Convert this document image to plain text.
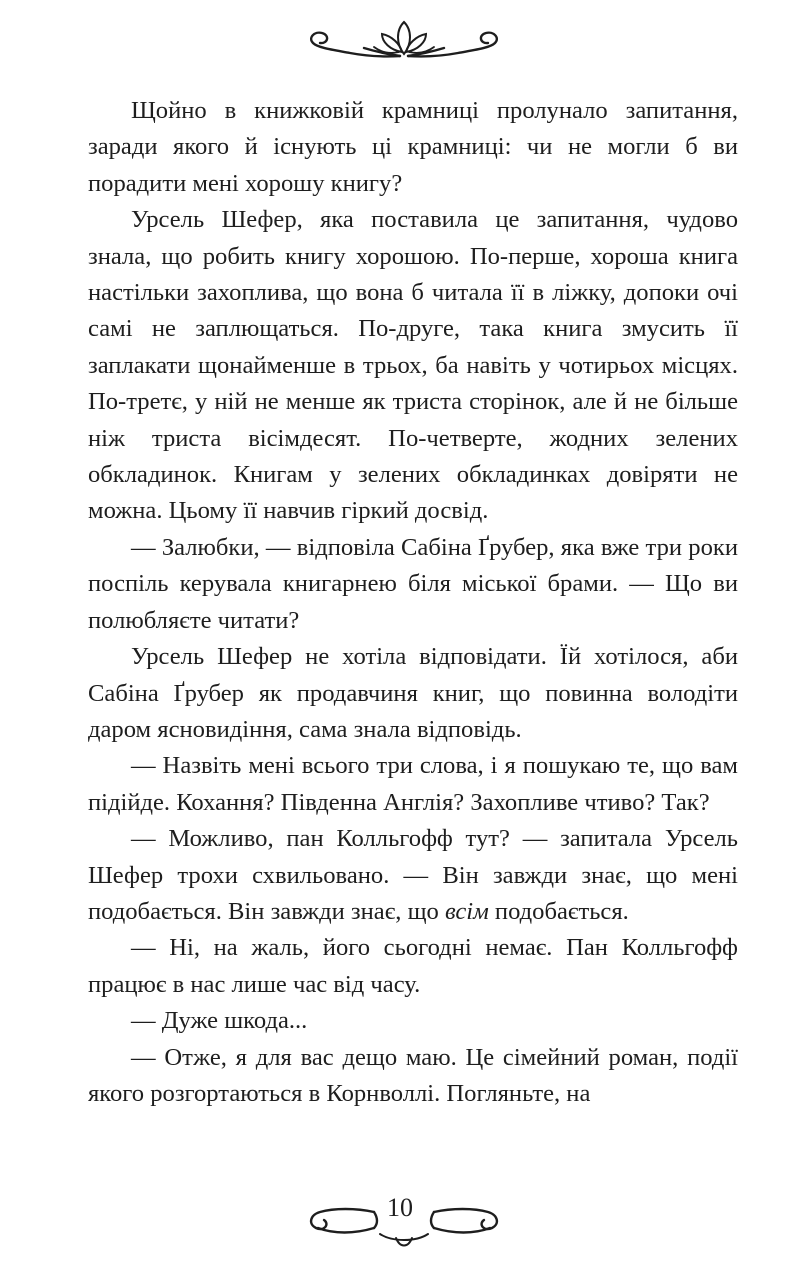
Щойно в книжковій крамниці пролунало запитання, заради якого й існують ці крамниці: чи не могли б ви порадити мені хорошу книгу?

Урсель Шефер, яка поставила це запитання, чудово знала, що робить книгу хорошою. По-перше, хороша книга настільки захоплива, що вона б читала її в ліжку, допоки очі самі не заплющаться. По-друге, така книга змусить її заплакати щонайменше в трьох, ба навіть у чотирьох місцях. По-третє, у ній не менше як триста сторінок, але й не більше ніж триста вісімдесят. По-четверте, жодних зелених обкладинок. Книгам у зелених обкладинках довіряти не можна. Цьому її навчив гіркий досвід.

— Залюбки, — відповіла Сабіна Ґрубер, яка вже три роки поспіль керувала книгарнею біля міської брами. — Що ви полюбляєте читати?

Урсель Шефер не хотіла відповідати. Їй хотілося, аби Сабіна Ґрубер як продавчиня книг, що повинна володіти даром ясновидіння, сама знала відповідь.

— Назвіть мені всього три слова, і я пошукаю те, що вам підійде. Кохання? Південна Англія? Захопливе чтиво? Так?

— Можливо, пан Колльгофф тут? — запитала Урсель Шефер трохи схвильовано. — Він завжди знає, що мені подобається. Він завжди знає, що всім подобається.

— Ні, на жаль, його сьогодні немає. Пан Колльгофф працює в нас лише час від часу.

— Дуже шкода...

— Отже, я для вас дещо маю. Це сімейний роман, події якого розгортаються в Корнволлі. Погляньте, на

10
